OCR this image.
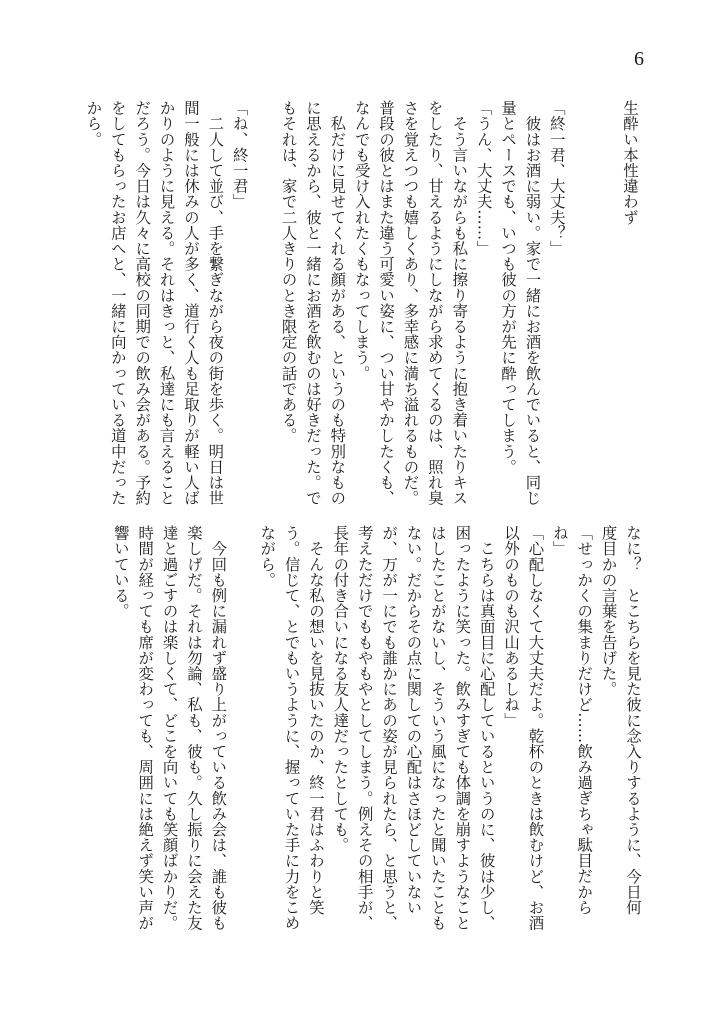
6
生酔い本性違わず

「終一君、大丈夫？」
　彼はお酒に弱い。家で一緒にお酒を飲んでいると、同じ
量とペースでも、いつも彼の方が先に酔ってしまう。
「うん、大丈夫……」
　そう言いながらも私に擦り寄るように抱き着いたりキス
をしたり、甘えるようにしながら求めてくるのは、照れ臭
さを覚えつつも嬉しくあり、多幸感に満ち溢れるものだ。
普段の彼とはまた違う可愛い姿に、つい甘やかしたくも、
なんでも受け入れたくもなってしまう。
　私だけに見せてくれる顔がある、というのも特別なもの
に思えるから、彼と一緒にお酒を飲むのは好きだった。で
もそれは、家で二人きりのとき限定の話である。

「ね、終一君」
　二人して並び、手を繋ぎながら夜の街を歩く。明日は世
間一般には休みの人が多く、道行く人も足取りが軽い人ば
かりのように見える。それはきっと、私達にも言えること
だろう。今日は久々に高校の同期での飲み会がある。予約
をしてもらったお店へと、一緒に向かっている道中だった
から。
なに？　とこちらを見た彼に念入りするように、今日何
度目かの言葉を告げた。
「せっかくの集まりだけど……飲み過ぎちゃ駄目だから
ね」
「心配しなくて大丈夫だよ。乾杯のときは飲むけど、お酒
以外のものも沢山あるしね」
　こちらは真面目に心配しているというのに、彼は少し、
困ったように笑った。飲みすぎても体調を崩すようなこと
はしたことがないし、そういう風になったと聞いたことも
ない。だからその点に関しての心配はさほどしていない
が、万が一にでも誰かにあの姿が見られたら、と思うと、
考えただけでももやもやとしてしまう。例えその相手が、
長年の付き合いになる友人達だったとしても。
　そんな私の想いを見抜いたのか、終一君はふわりと笑
う。信じて、とでもいうように、握っていた手に力をこめ
ながら。

　今回も例に漏れず盛り上がっている飲み会は、誰も彼も
楽しげだ。それは勿論、私も、彼も。久し振りに会えた友
達と過ごすのは楽しくて、どこを向いても笑顔ばかりだ。
時間が経っても席が変わっても、周囲には絶えず笑い声が
響いている。
